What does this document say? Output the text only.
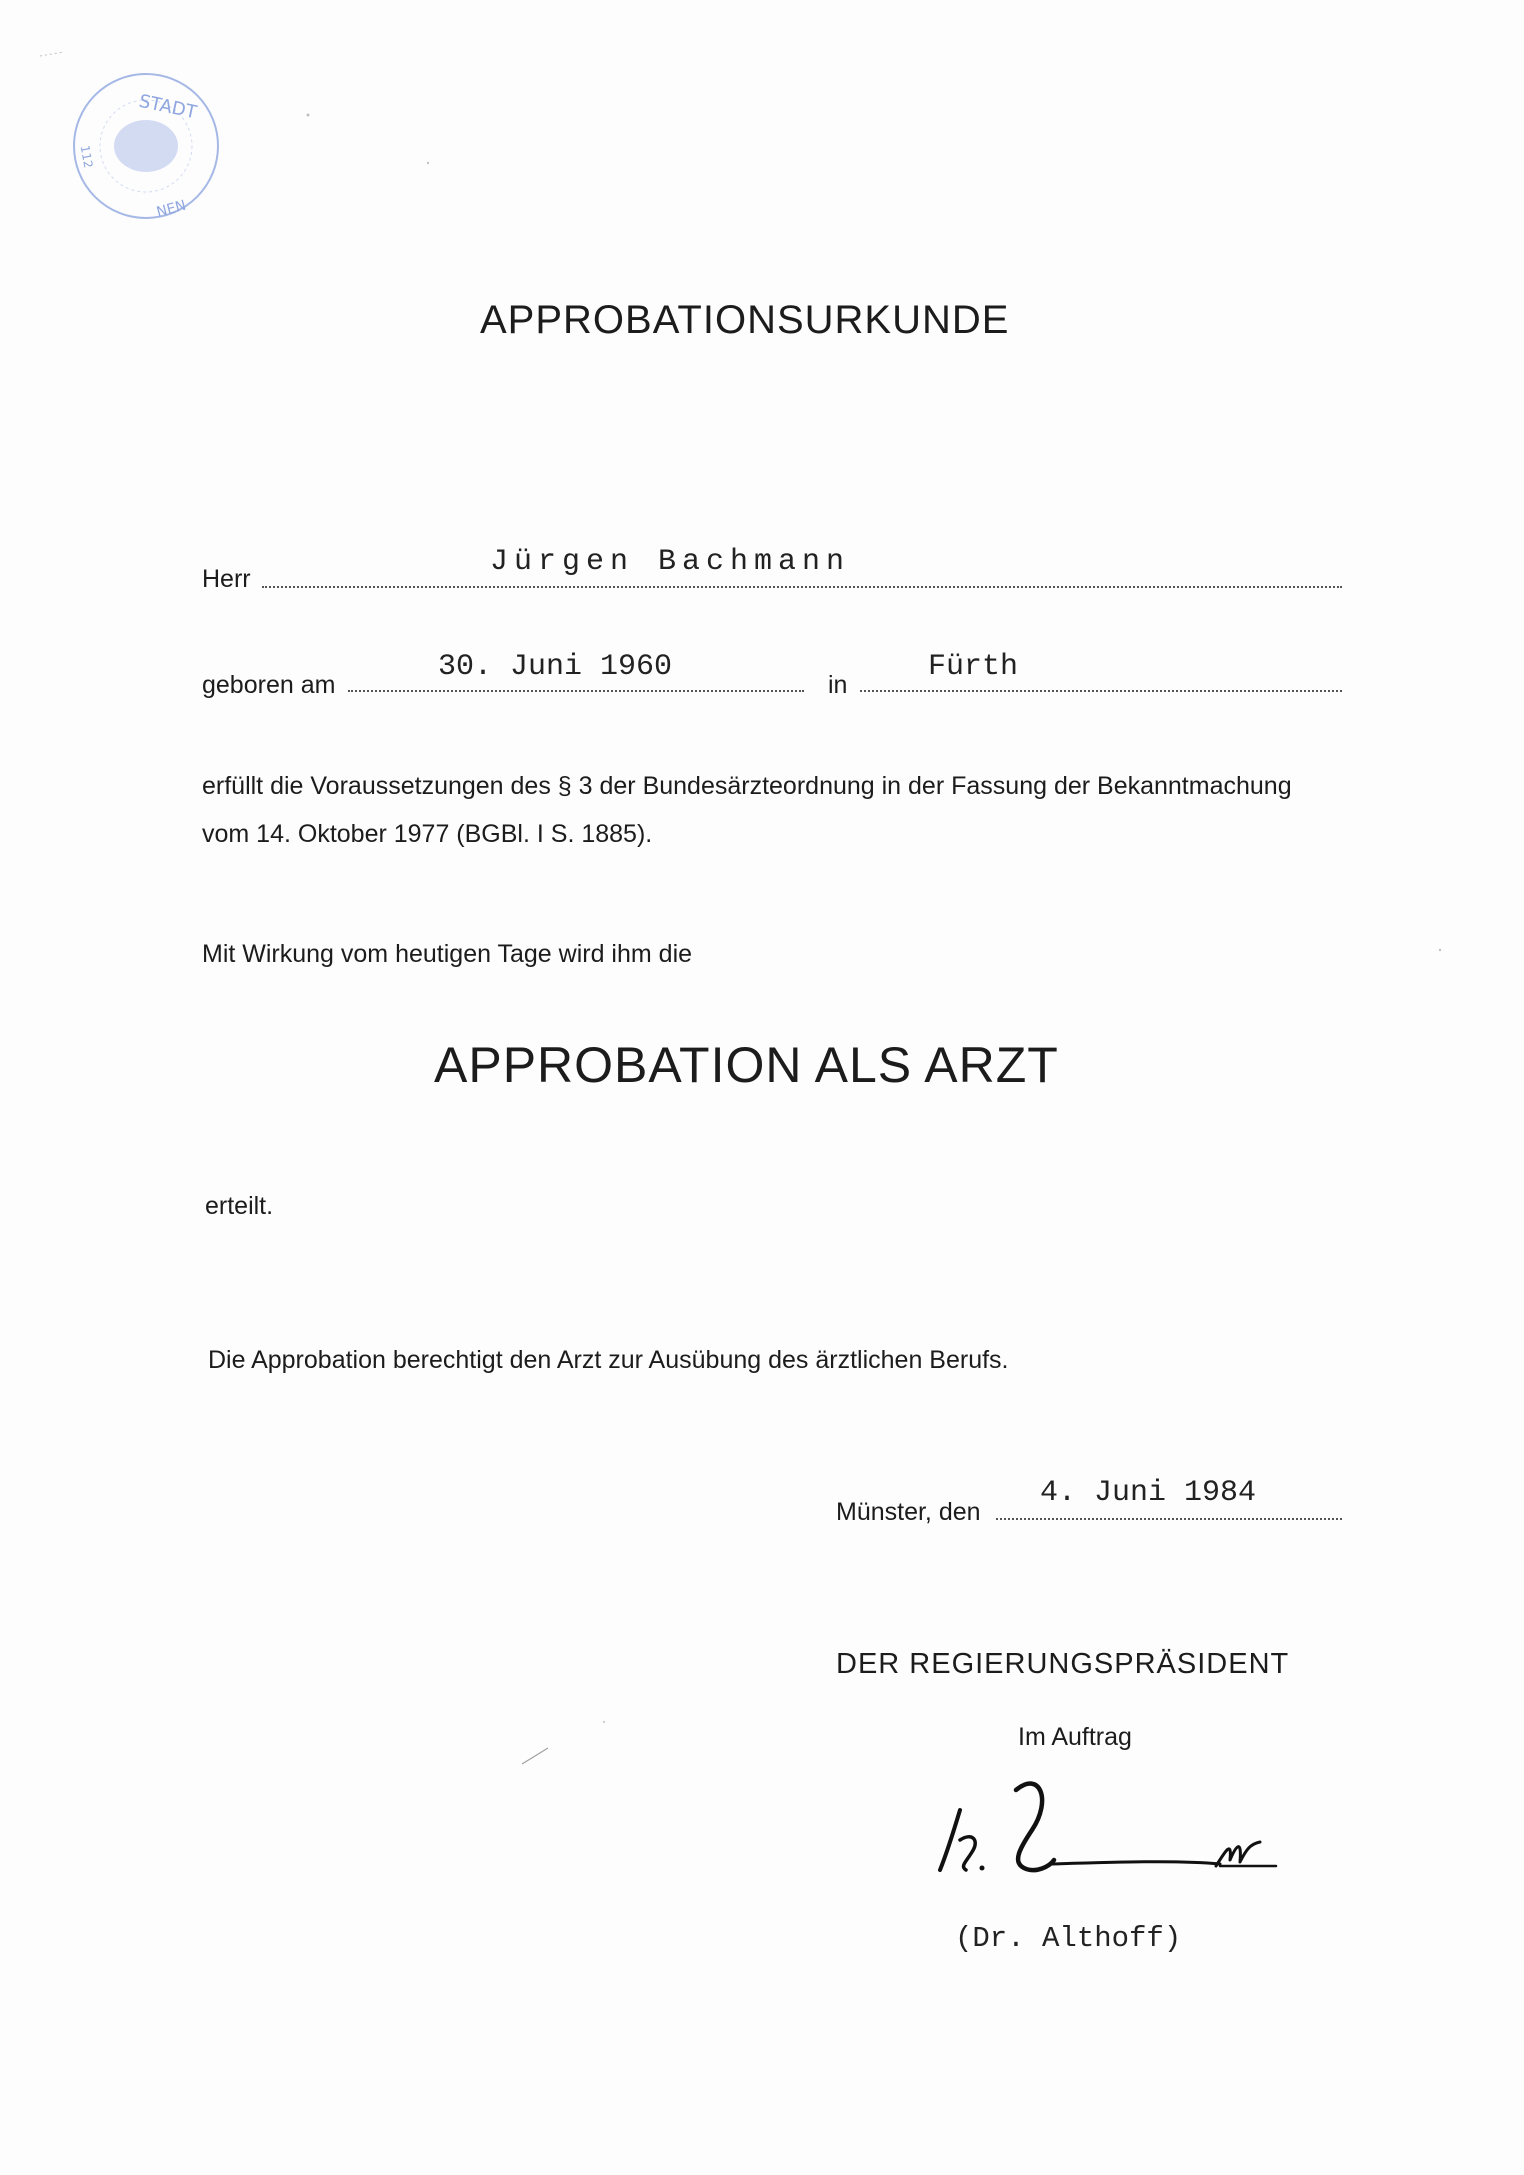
STADT
NEN
112
APPROBATIONSURKUNDE
Herr	Jürgen Bachmann
geboren am
30. Juni 1960
in
Fürth
erfüllt die Voraussetzungen des § 3 der Bundesärzteordnung in der Fassung der Bekanntmachung
vom 14. Oktober 1977 (BGBl. I S. 1885).
Mit Wirkung vom heutigen Tage wird ihm die
APPROBATION ALS ARZT
erteilt.
Die Approbation berechtigt den Arzt zur Ausübung des ärztlichen Berufs.
Münster, den
4. Juni 1984
DER REGIERUNGSPRÄSIDENT
Im Auftrag
(Dr. Althoff)
